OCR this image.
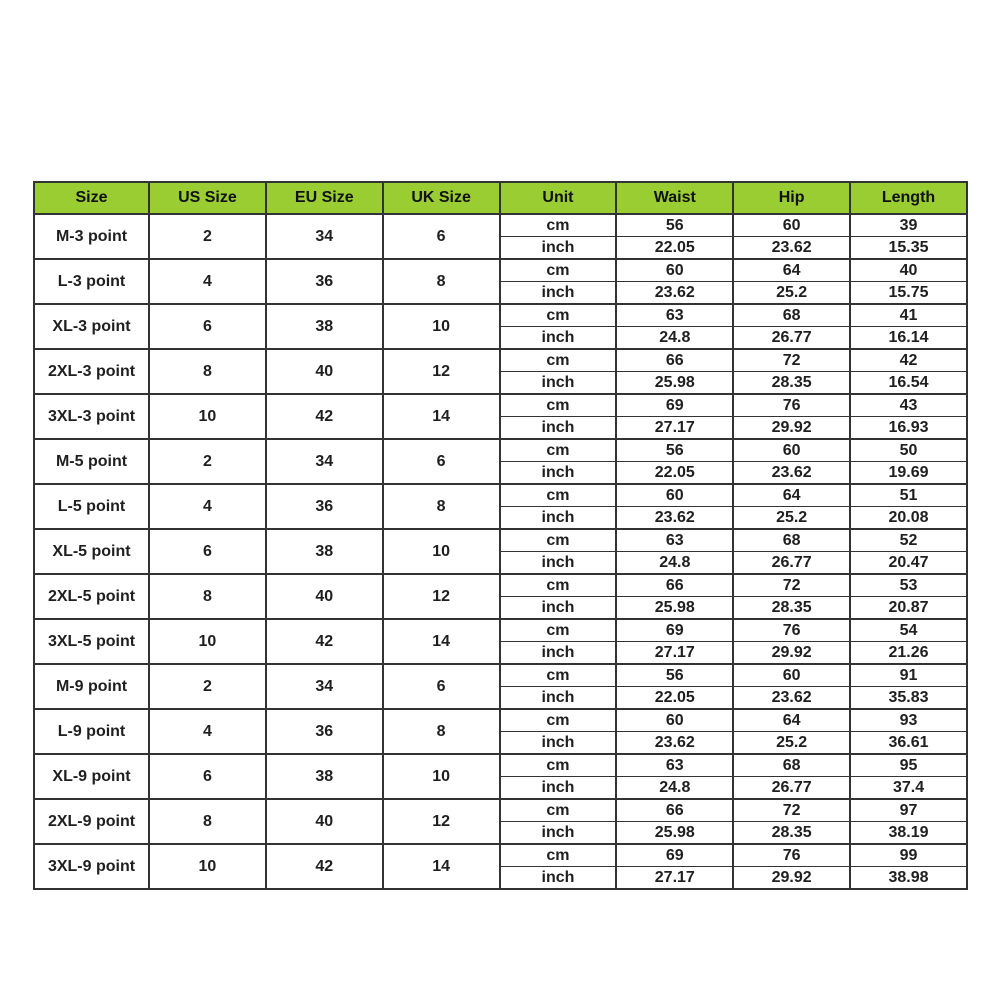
Size	US Size	EU Size	UK Size	Unit	Waist	Hip	Length
M-3 point	2	34	6	cm	56	60	39
				inch	22.05	23.62	15.35
L-3 point	4	36	8	cm	60	64	40
				inch	23.62	25.2	15.75
XL-3 point	6	38	10	cm	63	68	41
				inch	24.8	26.77	16.14
2XL-3 point	8	40	12	cm	66	72	42
				inch	25.98	28.35	16.54
3XL-3 point	10	42	14	cm	69	76	43
				inch	27.17	29.92	16.93
M-5 point	2	34	6	cm	56	60	50
				inch	22.05	23.62	19.69
L-5 point	4	36	8	cm	60	64	51
				inch	23.62	25.2	20.08
XL-5 point	6	38	10	cm	63	68	52
				inch	24.8	26.77	20.47
2XL-5 point	8	40	12	cm	66	72	53
				inch	25.98	28.35	20.87
3XL-5 point	10	42	14	cm	69	76	54
				inch	27.17	29.92	21.26
M-9 point	2	34	6	cm	56	60	91
				inch	22.05	23.62	35.83
L-9 point	4	36	8	cm	60	64	93
				inch	23.62	25.2	36.61
XL-9 point	6	38	10	cm	63	68	95
				inch	24.8	26.77	37.4
2XL-9 point	8	40	12	cm	66	72	97
				inch	25.98	28.35	38.19
3XL-9 point	10	42	14	cm	69	76	99
				inch	27.17	29.92	38.98
